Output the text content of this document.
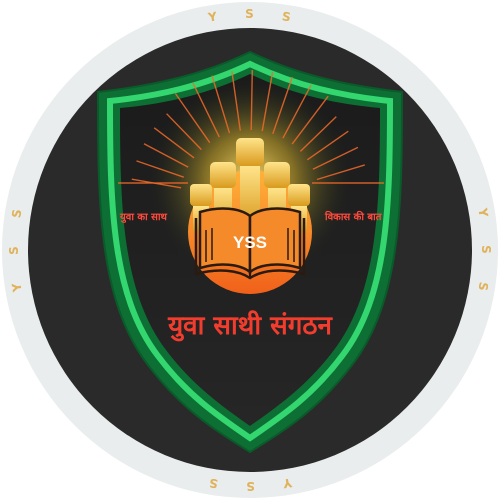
Y S S
Y
S
S
Y
S
S
Y
S
S
YSS
युवा का साथ	विकास की बात
युवा साथी संगठन
